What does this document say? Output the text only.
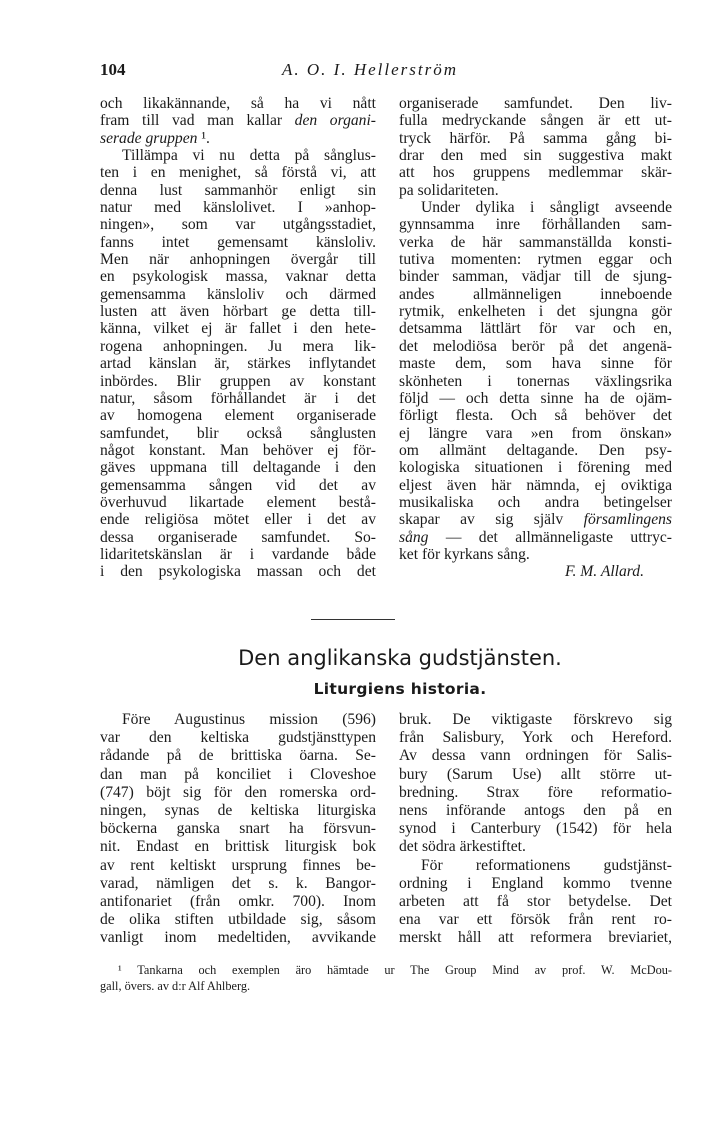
104	A. O. I. Hellerström
och likakännande, så ha vi nått
fram till vad man kallar den organi-
serade gruppen ¹.
Tillämpa vi nu detta på sånglus-
ten i en menighet, så förstå vi, att
denna lust sammanhör enligt sin
natur med känslolivet. I »anhop-
ningen», som var utgångsstadiet,
fanns intet gemensamt känsloliv.
Men när anhopningen övergår till
en psykologisk massa, vaknar detta
gemensamma känsloliv och därmed
lusten att även hörbart ge detta till-
känna, vilket ej är fallet i den hete-
rogena anhopningen. Ju mera lik-
artad känslan är, stärkes inflytandet
inbördes. Blir gruppen av konstant
natur, såsom förhållandet är i det
av homogena element organiserade
samfundet, blir också sånglusten
något konstant. Man behöver ej för-
gäves uppmana till deltagande i den
gemensamma sången vid det av
överhuvud likartade element bestå-
ende religiösa mötet eller i det av
dessa organiserade samfundet. So-
lidaritetskänslan är i vardande både
i den psykologiska massan och det
organiserade samfundet. Den liv-
fulla medryckande sången är ett ut-
tryck härför. På samma gång bi-
drar den med sin suggestiva makt
att hos gruppens medlemmar skär-
pa solidariteten.
Under dylika i sångligt avseende
gynnsamma inre förhållanden sam-
verka de här sammanställda konsti-
tutiva momenten: rytmen eggar och
binder samman, vädjar till de sjung-
andes allmänneligen inneboende
rytmik, enkelheten i det sjungna gör
detsamma lättlärt för var och en,
det melodiösa berör på det angenä-
maste dem, som hava sinne för
skönheten i tonernas växlingsrika
följd — och detta sinne ha de ojäm-
förligt flesta. Och så behöver det
ej längre vara »en from önskan»
om allmänt deltagande. Den psy-
kologiska situationen i förening med
eljest även här nämnda, ej oviktiga
musikaliska och andra betingelser
skapar av sig själv församlingens
sång — det allmänneligaste uttryc-
ket för kyrkans sång.
F. M. Allard.
Den anglikanska gudstjänsten.
Liturgiens historia.
Före Augustinus mission (596)
var den keltiska gudstjänsttypen
rådande på de brittiska öarna. Se-
dan man på konciliet i Cloveshoe
(747) böjt sig för den romerska ord-
ningen, synas de keltiska liturgiska
böckerna ganska snart ha försvun-
nit. Endast en brittisk liturgisk bok
av rent keltiskt ursprung finnes be-
varad, nämligen det s. k. Bangor-
antifonariet (från omkr. 700). Inom
de olika stiften utbildade sig, såsom
vanligt inom medeltiden, avvikande
bruk. De viktigaste förskrevo sig
från Salisbury, York och Hereford.
Av dessa vann ordningen för Salis-
bury (Sarum Use) allt större ut-
bredning. Strax före reformatio-
nens införande antogs den på en
synod i Canterbury (1542) för hela
det södra ärkestiftet.
För reformationens gudstjänst-
ordning i England kommo tvenne
arbeten att få stor betydelse. Det
ena var ett försök från rent ro-
merskt håll att reformera breviariet,
¹ Tankarna och exemplen äro hämtade ur The Group Mind av prof. W. McDou-
gall, övers. av d:r Alf Ahlberg.
